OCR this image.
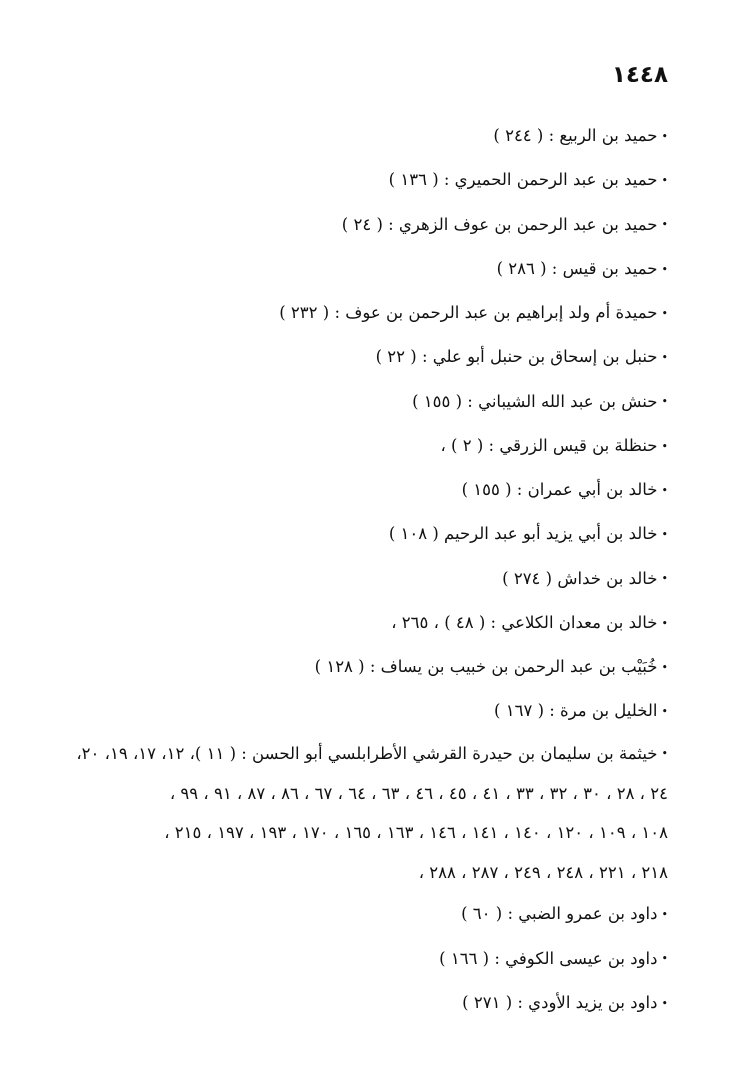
١٤٤٨
•حميد بن الربيع : ( ٢٤٤ )
•حميد بن عبد الرحمن الحميري : ( ١٣٦ )
•حميد بن عبد الرحمن بن عوف الزهري : ( ٢٤ )
•حميد بن قيس : ( ٢٨٦ )
•حميدة أم ولد إبراهيم بن عبد الرحمن بن عوف : ( ٢٣٢ )
•حنبل بن إسحاق بن حنبل أبو علي : ( ٢٢ )
•حنش بن عبد الله الشيباني : ( ١٥٥ )
•حنظلة بن قيس الزرقي : ( ٢ ) ،
•خالد بن أبي عمران : ( ١٥٥ )
•خالد بن أبي يزيد أبو عبد الرحيم ( ١٠٨ )
•خالد بن خداش ( ٢٧٤ )
•خالد بن معدان الكلاعي : ( ٤٨ ) ، ٢٦٥ ،
•خُبَيْب بن عبد الرحمن بن خبيب بن يساف : ( ١٢٨ )
•الخليل بن مرة : ( ١٦٧ )
•خيثمة بن سليمان بن حيدرة القرشي الأطرابلسي أبو الحسن : ( ١١ )، ١٢، ١٧، ١٩، ٢٠،
٢٤ ، ٢٨ ، ٣٠ ، ٣٢ ، ٣٣ ، ٤١ ، ٤٥ ، ٤٦ ، ٦٣ ، ٦٤ ، ٦٧ ، ٨٦ ، ٨٧ ، ٩١ ، ٩٩ ،
١٠٨ ، ١٠٩ ، ١٢٠ ، ١٤٠ ، ١٤١ ، ١٤٦ ، ١٦٣ ، ١٦٥ ، ١٧٠ ، ١٩٣ ، ١٩٧ ، ٢١٥ ،
٢١٨ ، ٢٢١ ، ٢٤٨ ، ٢٤٩ ، ٢٨٧ ، ٢٨٨ ،
•داود بن عمرو الضبي : ( ٦٠ )
•داود بن عيسى الكوفي : ( ١٦٦ )
•داود بن يزيد الأودي : ( ٢٧١ )
